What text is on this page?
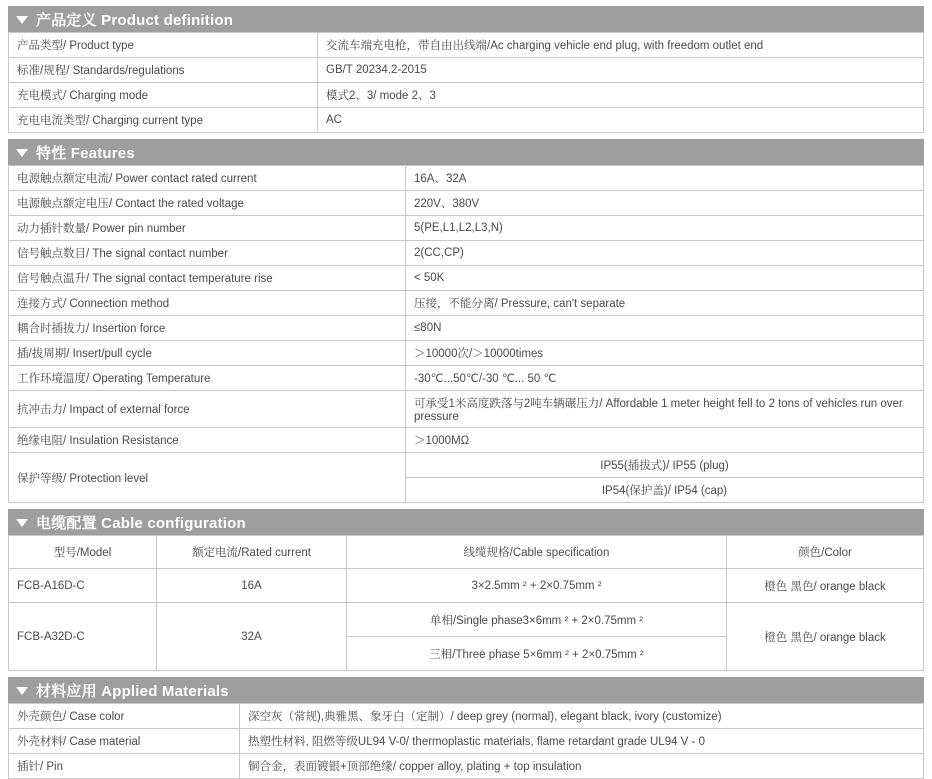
产品定义 Product definition
产品类型/ Product type	交流车端充电枪，带自由出线端/Ac charging vehicle end plug, with freedom outlet end
标准/规程/ Standards/regulations	GB/T 20234.2-2015
充电模式/ Charging mode	模式2、3/ mode 2、3
充电电流类型/ Charging current type	AC
特性 Features
电源触点额定电流/ Power contact rated current	16A、32A
电源触点额定电压/ Contact the rated voltage	220V、380V
动力插针数量/ Power pin number	5(PE,L1,L2,L3,N)
信号触点数目/ The signal contact number	2(CC,CP)
信号触点温升/ The signal contact temperature rise	< 50K
连接方式/ Connection method	压接，不能分离/ Pressure, can't separate
耦合时插拔力/ Insertion force	≤80N
插/拔周期/ Insert/pull cycle	＞10000次/＞10000times
工作环境温度/ Operating Temperature	-30℃...50℃/-30 ℃... 50 ℃
抗冲击力/ Impact of external force	可承受1米高度跌落与2吨车辆碾压力/ Affordable 1 meter height fell to 2 tons of vehicles run over pressure
绝缘电阻/ Insulation Resistance	＞1000MΩ
保护等级/ Protection level	IP55(插拔式)/ IP55 (plug)
	IP54(保护盖)/ IP54 (cap)
电缆配置 Cable configuration
型号/Model	额定电流/Rated current	线缆规格/Cable specification	颜色/Color
FCB-A16D-C	16A	3×2.5mm ² + 2×0.75mm ²	橙色 黑色/ orange black
FCB-A32D-C	32A	单相/Single phase3×6mm ² + 2×0.75mm ²	橙色 黑色/ orange black
		三相/Three phase 5×6mm ² + 2×0.75mm ²	
材料应用 Applied Materials
外壳颜色/ Case color	深空灰（常规),典雅黑、象牙白（定制）/ deep grey (normal), elegant black, ivory (customize)
外壳材料/ Case material	热塑性材料, 阻燃等级UL94 V-0/ thermoplastic materials, flame retardant grade UL94 V - 0
插针/ Pin	铜合金，表面镀银+顶部绝缘/ copper alloy, plating + top insulation
